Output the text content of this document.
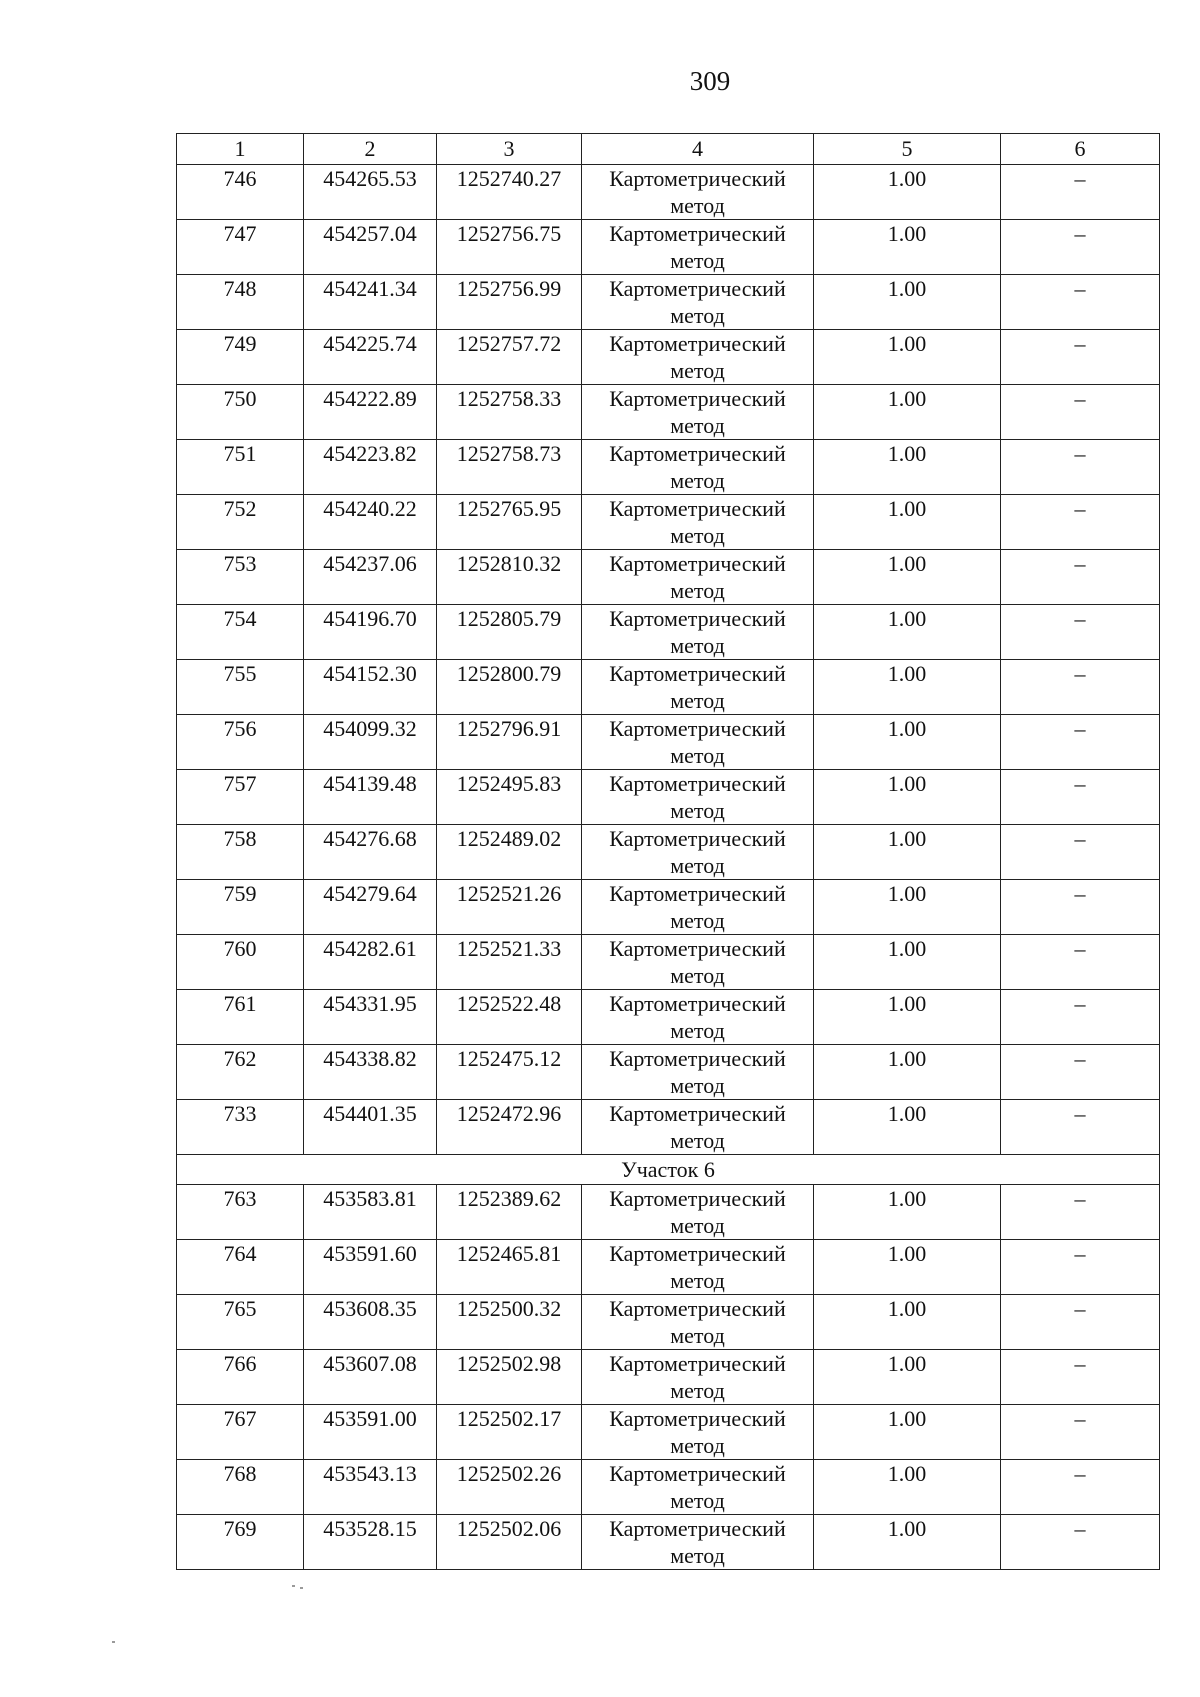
309
1	2	3	4	5	6
746	454265.53	1252740.27	Картометрический метод	1.00	–
747	454257.04	1252756.75	Картометрический метод	1.00	–
748	454241.34	1252756.99	Картометрический метод	1.00	–
749	454225.74	1252757.72	Картометрический метод	1.00	–
750	454222.89	1252758.33	Картометрический метод	1.00	–
751	454223.82	1252758.73	Картометрический метод	1.00	–
752	454240.22	1252765.95	Картометрический метод	1.00	–
753	454237.06	1252810.32	Картометрический метод	1.00	–
754	454196.70	1252805.79	Картометрический метод	1.00	–
755	454152.30	1252800.79	Картометрический метод	1.00	–
756	454099.32	1252796.91	Картометрический метод	1.00	–
757	454139.48	1252495.83	Картометрический метод	1.00	–
758	454276.68	1252489.02	Картометрический метод	1.00	–
759	454279.64	1252521.26	Картометрический метод	1.00	–
760	454282.61	1252521.33	Картометрический метод	1.00	–
761	454331.95	1252522.48	Картометрический метод	1.00	–
762	454338.82	1252475.12	Картометрический метод	1.00	–
733	454401.35	1252472.96	Картометрический метод	1.00	–
Участок 6					
763	453583.81	1252389.62	Картометрический метод	1.00	–
764	453591.60	1252465.81	Картометрический метод	1.00	–
765	453608.35	1252500.32	Картометрический метод	1.00	–
766	453607.08	1252502.98	Картометрический метод	1.00	–
767	453591.00	1252502.17	Картометрический метод	1.00	–
768	453543.13	1252502.26	Картометрический метод	1.00	–
769	453528.15	1252502.06	Картометрический метод	1.00	–
